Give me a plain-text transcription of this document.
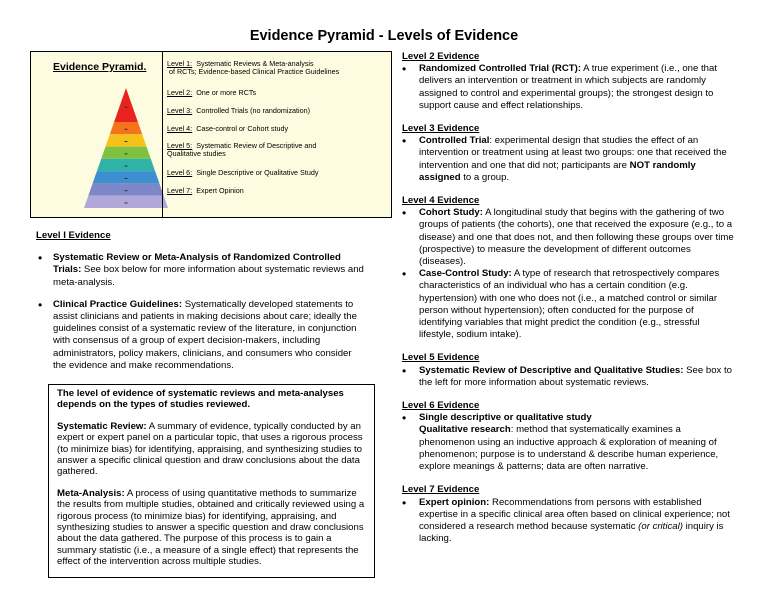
Evidence Pyramid - Levels of Evidence
Evidence Pyramid.	Level 1: Systematic Reviews & Meta-analysis
of RCTs; Evidence-based Clinical Practice Guidelines
Level 2: One or more RCTs
Level 3: Controlled Trials (no randomization)
Level 4: Case-control or Cohort study
Level 5: Systematic Review of Descriptive and
Qualitative studies
Level 6: Single Descriptive or Qualitative Study
Level 7: Expert Opinion
Level I Evidence
• Systematic Review or Meta-Analysis of Randomized Controlled Trials: See box below for more information about systematic reviews and meta-analysis.
• Clinical Practice Guidelines: Systematically developed statements to assist clinicians and patients in making decisions about care; ideally the guidelines consist of a systematic review of the literature, in conjunction with consensus of a group of expert decision-makers, including administrators, policy makers, clinicians, and consumers who consider the evidence and make recommendations.

The level of evidence of systematic reviews and meta-analyses depends on the types of studies reviewed.

Systematic Review: A summary of evidence, typically conducted by an expert or expert panel on a particular topic, that uses a rigorous process (to minimize bias) for identifying, appraising, and synthesizing studies to answer a specific clinical question and draw conclusions about the data gathered.

Meta-Analysis: A process of using quantitative methods to summarize the results from multiple studies, obtained and critically reviewed using a rigorous process (to minimize bias) for identifying, appraising, and synthesizing studies to answer a specific question and draw conclusions about the data gathered. The purpose of this process is to gain a summary statistic (i.e., a measure of a single effect) that represents the effect of the intervention across multiple studies.

Level 2 Evidence
• Randomized Controlled Trial (RCT): A true experiment (i.e., one that delivers an intervention or treatment in which subjects are randomly assigned to control and experimental groups); the strongest design to support cause and effect relationships.
Level 3 Evidence
• Controlled Trial: experimental design that studies the effect of an intervention or treatment using at least two groups: one that received the intervention and one that did not; participants are NOT randomly assigned to a group.
Level 4 Evidence
• Cohort Study: A longitudinal study that begins with the gathering of two groups of patients (the cohorts), one that received the exposure (e.g., to a disease) and one that does not, and then following these groups over time (prospective) to measure the development of different outcomes (diseases).
• Case-Control Study: A type of research that retrospectively compares characteristics of an individual who has a certain condition (e.g. hypertension) with one who does not (i.e., a matched control or similar person without hypertension); often conducted for the purpose of identifying variables that might predict the condition (e.g., stressful lifestyle, sodium intake).
Level 5 Evidence
• Systematic Review of Descriptive and Qualitative Studies: See box to the left for more information about systematic reviews.
Level 6 Evidence
• Single descriptive or qualitative study
Qualitative research: method that systematically examines a phenomenon using an inductive approach & exploration of meaning of phenomenon; purpose is to understand & describe human experience, explore meanings & patterns; data are often narrative.
Level 7 Evidence
• Expert opinion: Recommendations from persons with established expertise in a specific clinical area often based on clinical experience; not considered a research method because systematic (or critical) inquiry is lacking.
